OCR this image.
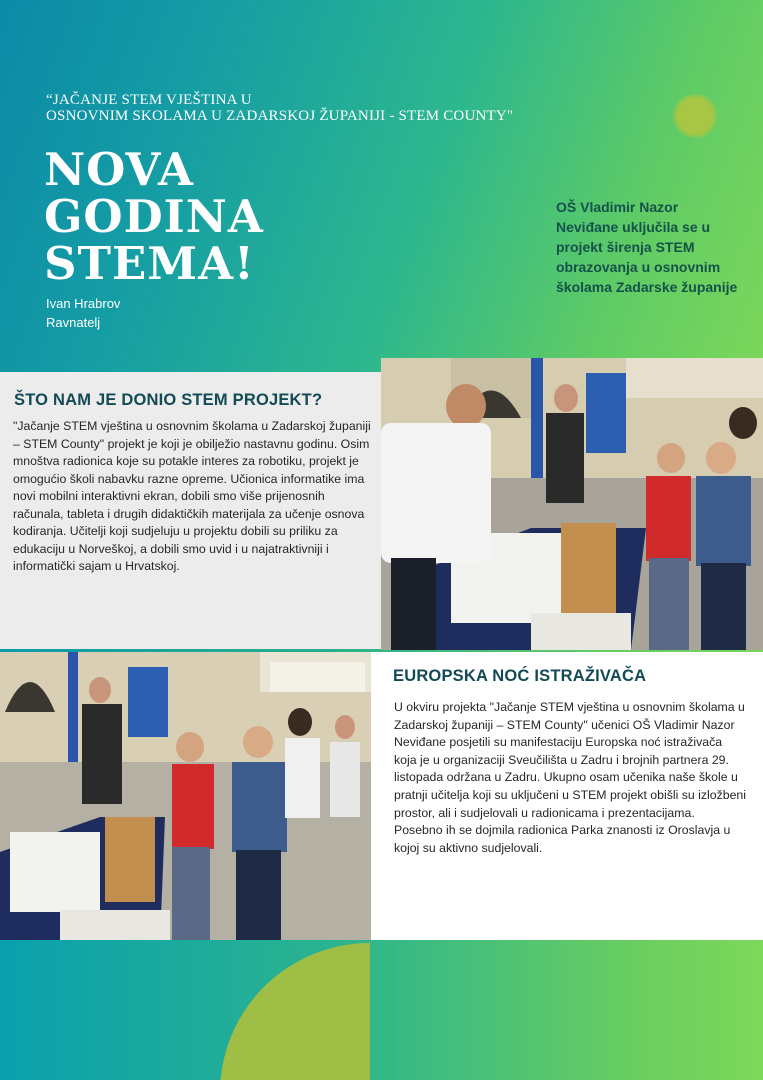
“JAČANJE STEM VJEŠTINA U
OSNOVNIM SKOLAMA U ZADARSKOJ ŽUPANIJI - STEM COUNTY"
NOVA
GODINA
STEMA!
Ivan Hrabrov
Ravnatelj
OŠ Vladimir Nazor Neviđane uključila se u projekt širenja STEM obrazovanja u osnovnim školama Zadarske županije
ŠTO NAM JE DONIO STEM PROJEKT?

"Jačanje STEM vještina u osnovnim školama u Zadarskoj županiji – STEM County" projekt je koji je obilježio nastavnu godinu. Osim mnoštva radionica koje su potakle interes za robotiku, projekt je omogućio školi nabavku razne opreme. Učionica informatike ima novi mobilni interaktivni ekran, dobili smo više prijenosnih računala, tableta i drugih didaktičkih materijala za učenje osnova kodiranja. Učitelji koji sudjeluju u projektu dobili su priliku za edukaciju u Norveškoj, a dobili smo uvid i u najatraktivniji i informatički sajam u Hrvatskoj.

EUROPSKA NOĆ ISTRAŽIVAČA

U okviru projekta "Jačanje STEM vještina u osnovnim školama u Zadarskoj županiji – STEM County" učenici OŠ Vladimir Nazor Neviđane posjetili su manifestaciju Europska noć istraživača koja je u organizaciji Sveučilišta u Zadru i brojnih partnera 29. listopada održana u Zadru. Ukupno osam učenika naše škole u pratnji učitelja koji su uključeni u STEM projekt obišli su izložbeni prostor, ali i sudjelovali u radionicama i prezentacijama. Posebno ih se dojmila radionica Parka znanosti iz Oroslavja u kojoj su aktivno sudjelovali.
